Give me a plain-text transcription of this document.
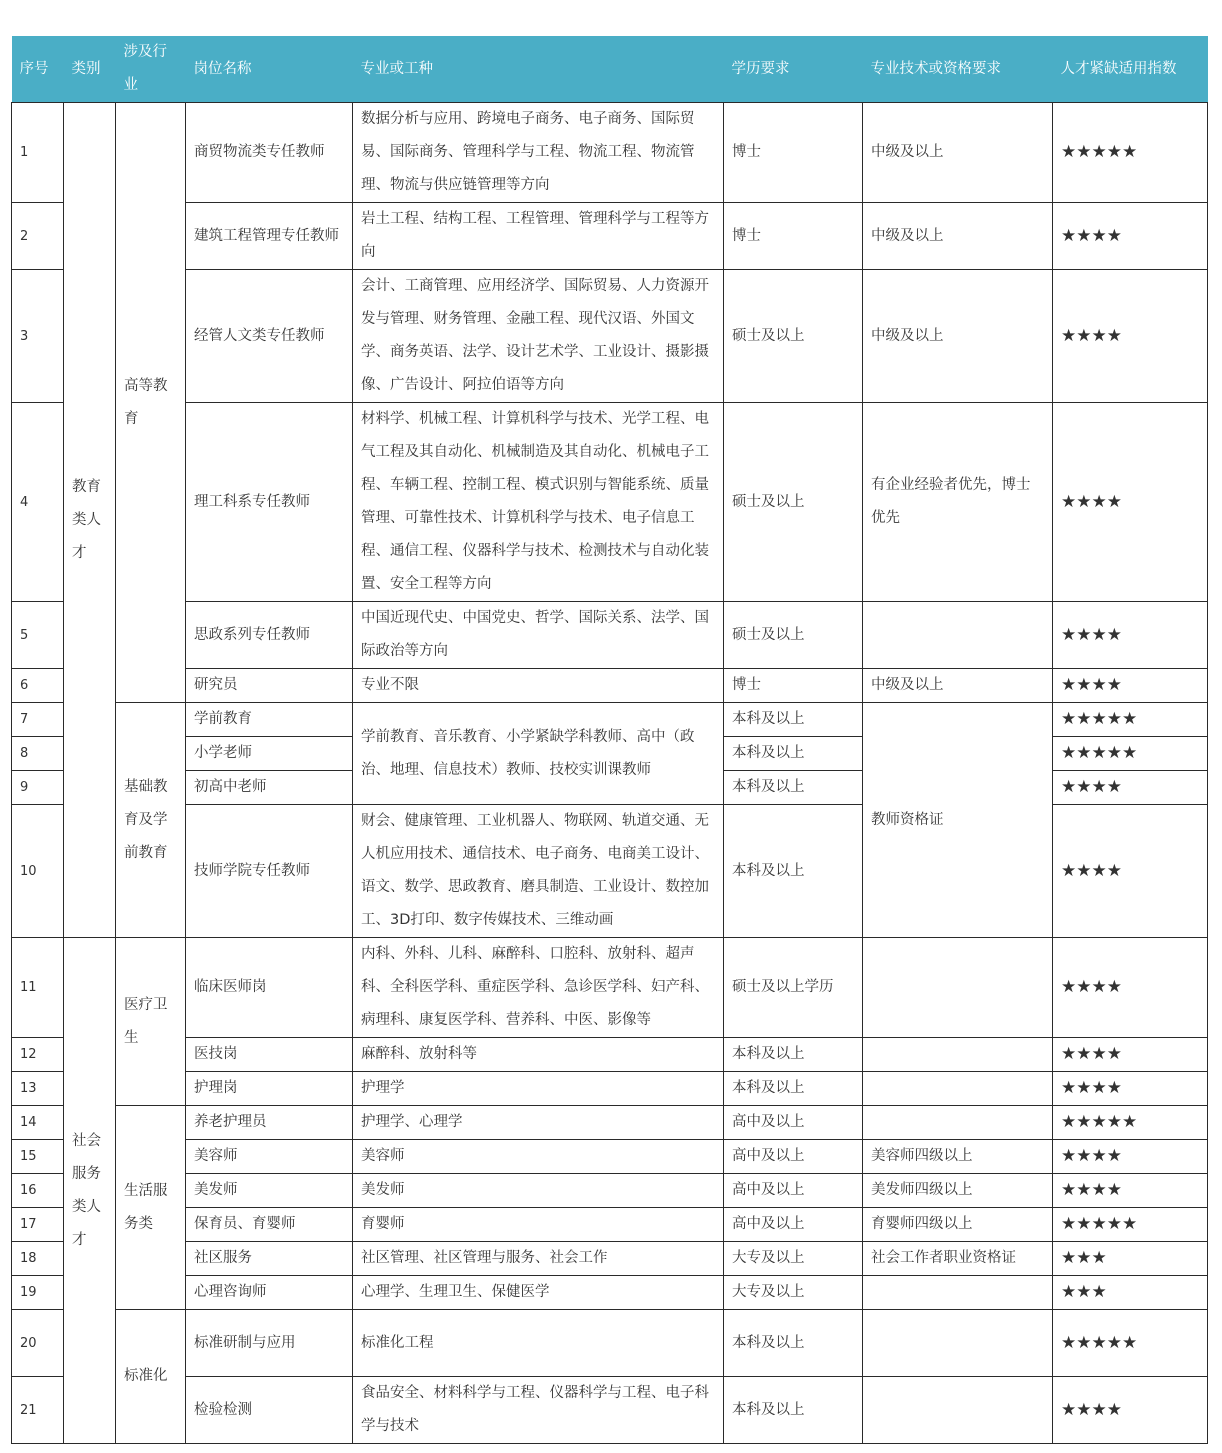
序号	类别	涉及行业	岗位名称	专业或工种	学历要求	专业技术或资格要求	人才紧缺适用指数
1	教育类人才	高等教育	商贸物流类专任教师	数据分析与应用、跨境电子商务、电子商务、国际贸易、国际商务、管理科学与工程、物流工程、物流管理、物流与供应链管理等方向	博士	中级及以上	★★★★★
2			建筑工程管理专任教师	岩土工程、结构工程、工程管理、管理科学与工程等方向	博士	中级及以上	★★★★
3			经管人文类专任教师	会计、工商管理、应用经济学、国际贸易、人力资源开发与管理、财务管理、金融工程、现代汉语、外国文学、商务英语、法学、设计艺术学、工业设计、摄影摄像、广告设计、阿拉伯语等方向	硕士及以上	中级及以上	★★★★
4			理工科系专任教师	材料学、机械工程、计算机科学与技术、光学工程、电气工程及其自动化、机械制造及其自动化、机械电子工程、车辆工程、控制工程、模式识别与智能系统、质量管理、可靠性技术、计算机科学与技术、电子信息工程、通信工程、仪器科学与技术、检测技术与自动化装置、安全工程等方向	硕士及以上	有企业经验者优先，博士优先	★★★★
5			思政系列专任教师	中国近现代史、中国党史、哲学、国际关系、法学、国际政治等方向	硕士及以上		★★★★
6			研究员	专业不限	博士	中级及以上	★★★★
7		基础教育及学前教育	学前教育	学前教育、音乐教育、小学紧缺学科教师、高中（政治、地理、信息技术）教师、技校实训课教师	本科及以上	教师资格证	★★★★★
8			小学老师		本科及以上		★★★★★
9			初高中老师		本科及以上		★★★★
10			技师学院专任教师	财会、健康管理、工业机器人、物联网、轨道交通、无人机应用技术、通信技术、电子商务、电商美工设计、语文、数学、思政教育、磨具制造、工业设计、数控加工、3D打印、数字传媒技术、三维动画	本科及以上		★★★★
11	社会服务类人才	医疗卫生	临床医师岗	内科、外科、儿科、麻醉科、口腔科、放射科、超声科、全科医学科、重症医学科、急诊医学科、妇产科、病理科、康复医学科、营养科、中医、影像等	硕士及以上学历		★★★★
12			医技岗	麻醉科、放射科等	本科及以上		★★★★
13			护理岗	护理学	本科及以上		★★★★
14		生活服务类	养老护理员	护理学、心理学	高中及以上		★★★★★
15			美容师	美容师	高中及以上	美容师四级以上	★★★★
16			美发师	美发师	高中及以上	美发师四级以上	★★★★
17			保育员、育婴师	育婴师	高中及以上	育婴师四级以上	★★★★★
18			社区服务	社区管理、社区管理与服务、社会工作	大专及以上	社会工作者职业资格证	★★★
19			心理咨询师	心理学、生理卫生、保健医学	大专及以上		★★★
20		标准化	标准研制与应用	标准化工程	本科及以上		★★★★★
21			检验检测	食品安全、材料科学与工程、仪器科学与工程、电子科学与技术	本科及以上		★★★★
